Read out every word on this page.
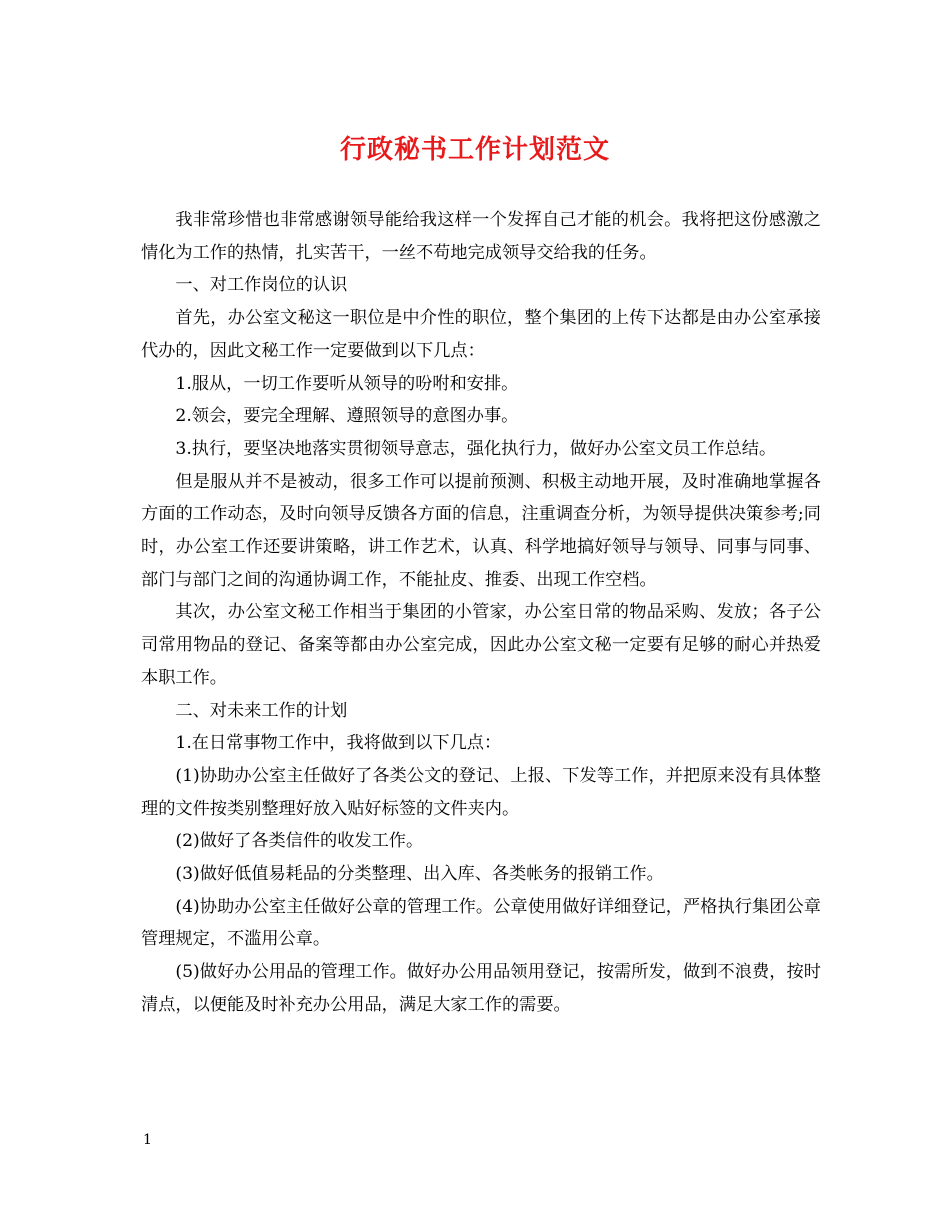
行政秘书工作计划范文

我非常珍惜也非常感谢领导能给我这样一个发挥自己才能的机会。我将把这份感激之情化为工作的热情，扎实苦干，一丝不苟地完成领导交给我的任务。

一、对工作岗位的认识

首先，办公室文秘这一职位是中介性的职位，整个集团的上传下达都是由办公室承接代办的，因此文秘工作一定要做到以下几点：

1.服从，一切工作要听从领导的吩咐和安排。

2.领会，要完全理解、遵照领导的意图办事。

3.执行，要坚决地落实贯彻领导意志，强化执行力，做好办公室文员工作总结。

但是服从并不是被动，很多工作可以提前预测、积极主动地开展，及时准确地掌握各方面的工作动态，及时向领导反馈各方面的信息，注重调查分析，为领导提供决策参考;同时，办公室工作还要讲策略，讲工作艺术，认真、科学地搞好领导与领导、同事与同事、部门与部门之间的沟通协调工作，不能扯皮、推委、出现工作空档。

其次，办公室文秘工作相当于集团的小管家，办公室日常的物品采购、发放；各子公司常用物品的登记、备案等都由办公室完成，因此办公室文秘一定要有足够的耐心并热爱本职工作。

二、对未来工作的计划

1.在日常事物工作中，我将做到以下几点：

(1)协助办公室主任做好了各类公文的登记、上报、下发等工作，并把原来没有具体整理的文件按类别整理好放入贴好标签的文件夹内。

(2)做好了各类信件的收发工作。

(3)做好低值易耗品的分类整理、出入库、各类帐务的报销工作。

(4)协助办公室主任做好公章的管理工作。公章使用做好详细登记，严格执行集团公章管理规定，不滥用公章。

(5)做好办公用品的管理工作。做好办公用品领用登记，按需所发，做到不浪费，按时清点，以便能及时补充办公用品，满足大家工作的需要。

1
